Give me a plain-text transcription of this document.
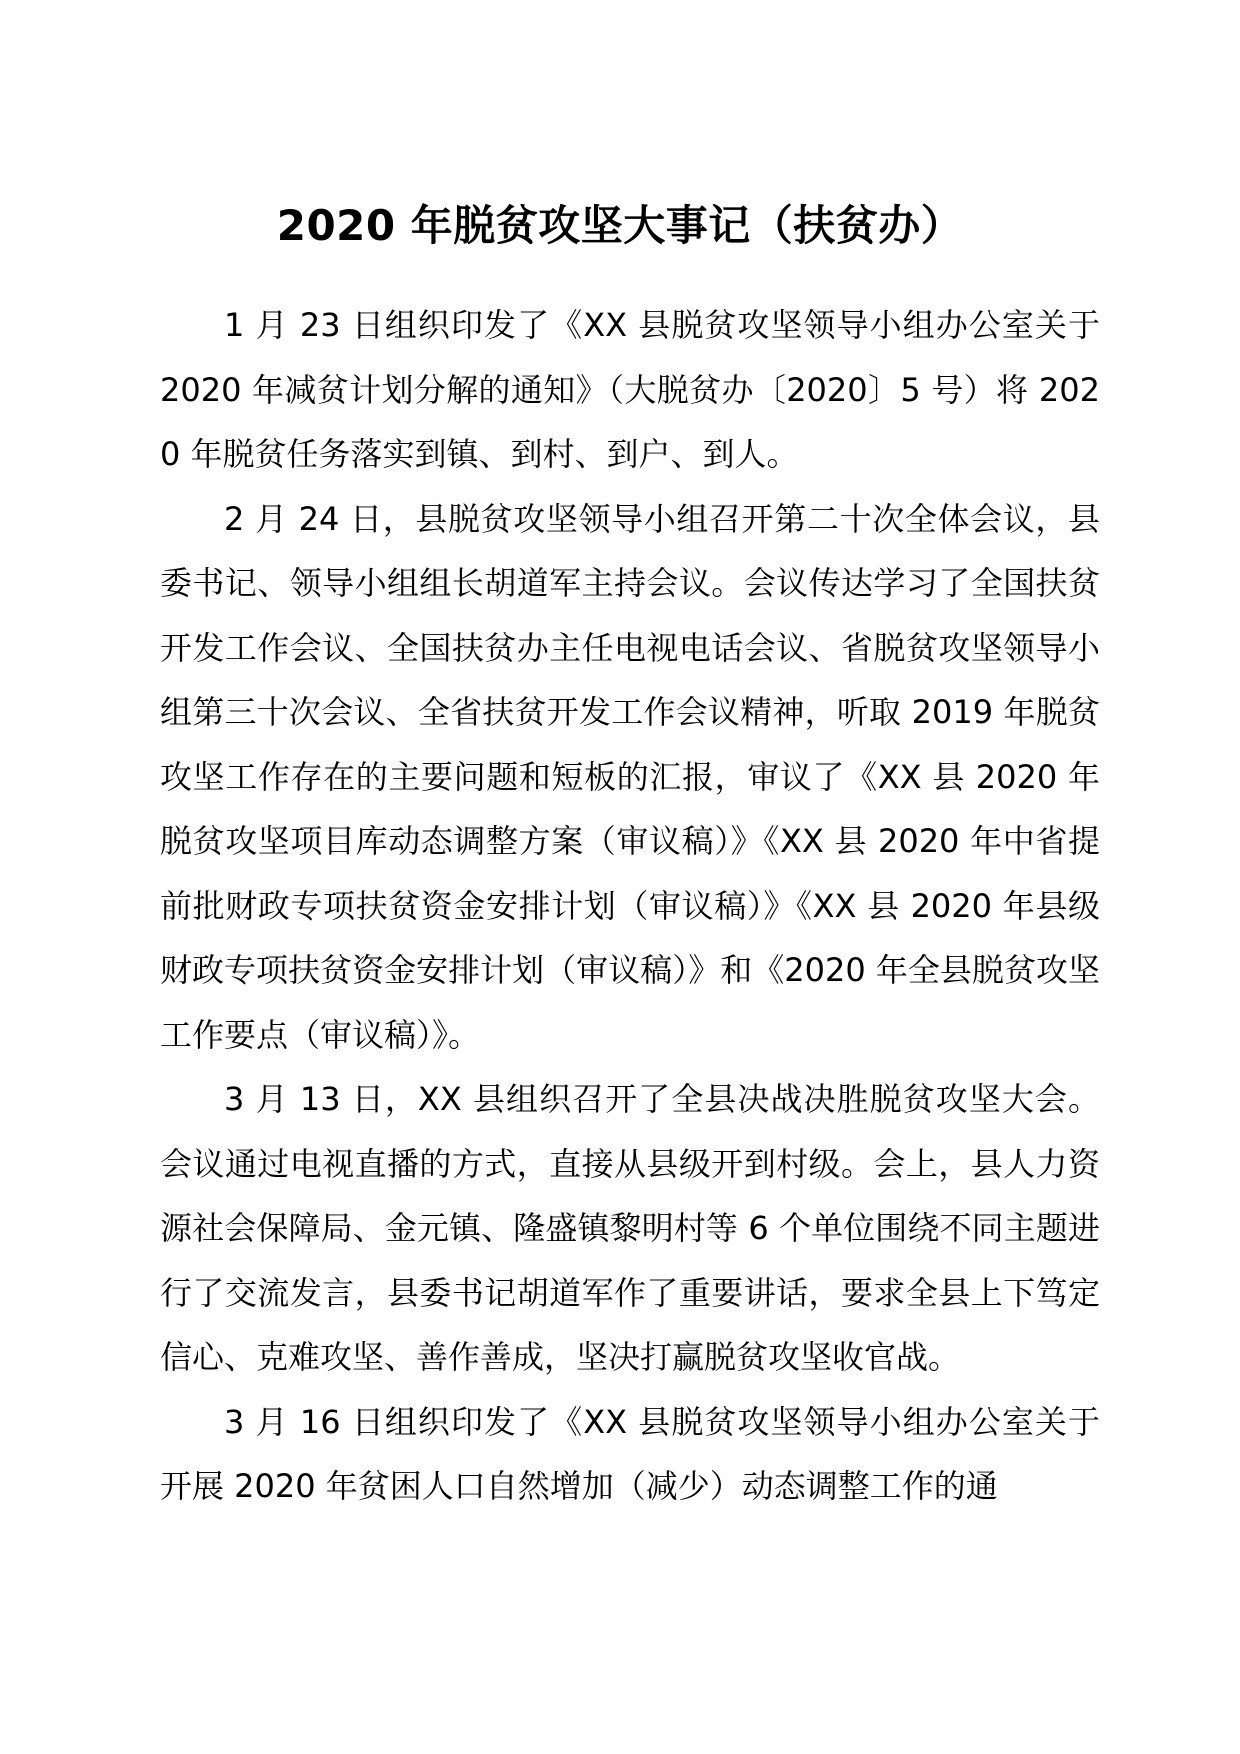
2020 年脱贫攻坚大事记（扶贫办）

1 月 23 日组织印发了《XX 县脱贫攻坚领导小组办公室关于 2020 年减贫计划分解的通知》（大脱贫办〔2020〕5 号）将 2020 年脱贫任务落实到镇、到村、到户、到人。

2 月 24 日，县脱贫攻坚领导小组召开第二十次全体会议，县委书记、领导小组组长胡道军主持会议。会议传达学习了全国扶贫开发工作会议、全国扶贫办主任电视电话会议、省脱贫攻坚领导小组第三十次会议、全省扶贫开发工作会议精神，听取 2019 年脱贫攻坚工作存在的主要问题和短板的汇报，审议了《XX 县 2020 年脱贫攻坚项目库动态调整方案（审议稿）》《XX 县 2020 年中省提前批财政专项扶贫资金安排计划（审议稿）》《XX 县 2020 年县级财政专项扶贫资金安排计划（审议稿）》和《2020 年全县脱贫攻坚工作要点（审议稿）》。

3 月 13 日，XX 县组织召开了全县决战决胜脱贫攻坚大会。会议通过电视直播的方式，直接从县级开到村级。会上，县人力资源社会保障局、金元镇、隆盛镇黎明村等 6 个单位围绕不同主题进行了交流发言，县委书记胡道军作了重要讲话，要求全县上下笃定信心、克难攻坚、善作善成，坚决打赢脱贫攻坚收官战。

3 月 16 日组织印发了《XX 县脱贫攻坚领导小组办公室关于开展 2020 年贫困人口自然增加（减少）动态调整工作的通
